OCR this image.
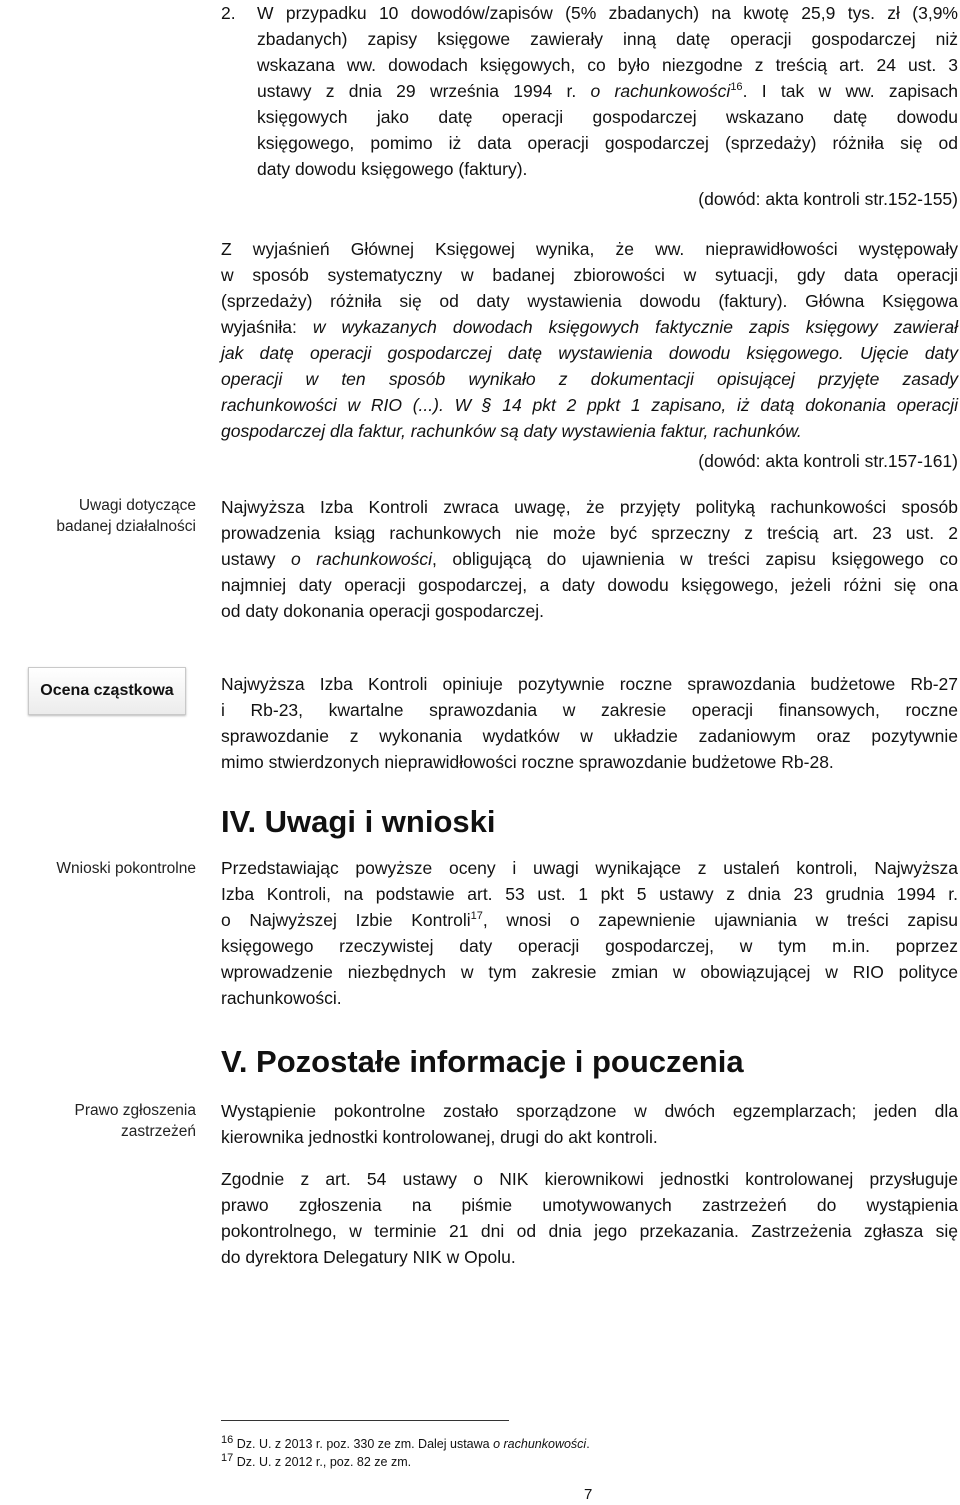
Uwagi dotyczące
badanej działalności
Ocena cząstkowa
Wnioski pokontrolne
Prawo zgłoszenia
zastrzeżeń
2. W przypadku 10 dowodów/zapisów (5% zbadanych) na kwotę 25,9 tys. zł (3,9%
zbadanych) zapisy księgowe zawierały inną datę operacji gospodarczej niż
wskazana ww. dowodach księgowych, co było niezgodne z treścią art. 24 ust. 3
ustawy z dnia 29 września 1994 r. o rachunkowości$^{16}$. I tak w ww. zapisach
księgowych jako datę operacji gospodarczej wskazano datę dowodu
księgowego, pomimo iż data operacji gospodarczej (sprzedaży) różniła się od
daty dowodu księgowego (faktury).
(dowód: akta kontroli str.152-155)
Z wyjaśnień Głównej Księgowej wynika, że ww. nieprawidłowości występowały
w sposób systematyczny w badanej zbiorowości w sytuacji, gdy data operacji
(sprzedaży) różniła się od daty wystawienia dowodu (faktury). Główna Księgowa
wyjaśniła: w wykazanych dowodach księgowych faktycznie zapis księgowy zawierał
jak datę operacji gospodarczej datę wystawienia dowodu księgowego. Ujęcie daty
operacji w ten sposób wynikało z dokumentacji opisującej przyjęte zasady
rachunkowości w RIO (...). W § 14 pkt 2 ppkt 1 zapisano, iż datą dokonania operacji
gospodarczej dla faktur, rachunków są daty wystawienia faktur, rachunków.
(dowód: akta kontroli str.157-161)
Najwyższa Izba Kontroli zwraca uwagę, że przyjęty polityką rachunkowości sposób
prowadzenia ksiąg rachunkowych nie może być sprzeczny z treścią art. 23 ust. 2
ustawy o rachunkowości, obligującą do ujawnienia w treści zapisu księgowego co
najmniej daty operacji gospodarczej, a daty dowodu księgowego, jeżeli różni się ona
od daty dokonania operacji gospodarczej.
Najwyższa Izba Kontroli opiniuje pozytywnie roczne sprawozdania budżetowe Rb-27
i Rb-23, kwartalne sprawozdania w zakresie operacji finansowych, roczne
sprawozdanie z wykonania wydatków w układzie zadaniowym oraz pozytywnie
mimo stwierdzonych nieprawidłowości roczne sprawozdanie budżetowe Rb-28.
IV. Uwagi i wnioski
Przedstawiając powyższe oceny i uwagi wynikające z ustaleń kontroli, Najwyższa
Izba Kontroli, na podstawie art. 53 ust. 1 pkt 5 ustawy z dnia 23 grudnia 1994 r.
o Najwyższej Izbie Kontroli$^{17}$, wnosi o zapewnienie ujawniania w treści zapisu
księgowego rzeczywistej daty operacji gospodarczej, w tym m.in. poprzez
wprowadzenie niezbędnych w tym zakresie zmian w obowiązującej w RIO polityce
rachunkowości.
V. Pozostałe informacje i pouczenia
Wystąpienie pokontrolne zostało sporządzone w dwóch egzemplarzach; jeden dla
kierownika jednostki kontrolowanej, drugi do akt kontroli.
Zgodnie z art. 54 ustawy o NIK kierownikowi jednostki kontrolowanej przysługuje
prawo zgłoszenia na piśmie umotywowanych zastrzeżeń do wystąpienia
pokontrolnego, w terminie 21 dni od dnia jego przekazania. Zastrzeżenia zgłasza się
do dyrektora Delegatury NIK w Opolu.
$^{16}$ Dz. U. z 2013 r. poz. 330 ze zm. Dalej ustawa o rachunkowości.
$^{17}$ Dz. U. z 2012 r., poz. 82 ze zm.
7
